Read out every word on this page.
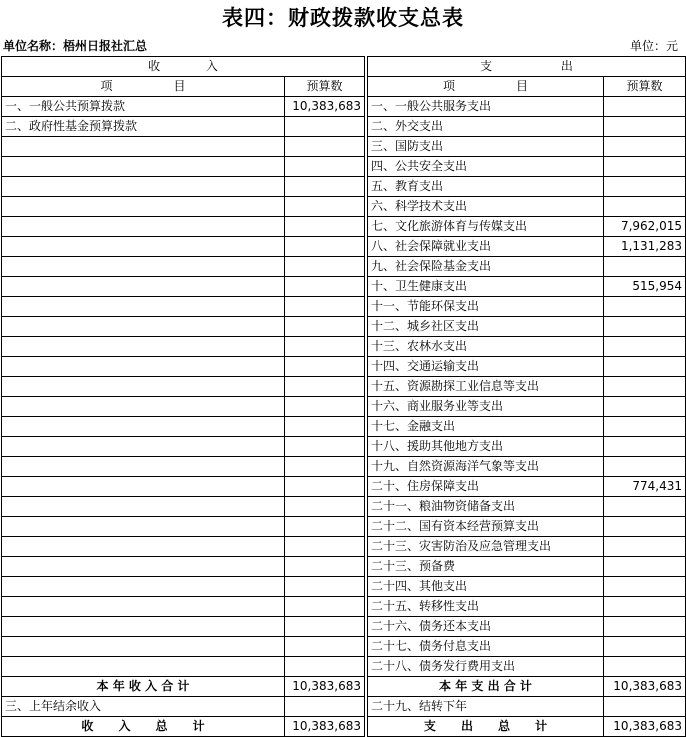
表四：财政拨款收支总表
单位名称：梧州日报社汇总	单位：元
收            入			支                  出	
项                目	预算数		项                目	预算数
一、一般公共预算拨款	10,383,683		一、一般公共服务支出	
二、政府性基金预算拨款			二、外交支出	
			三、国防支出	
			四、公共安全支出	
			五、教育支出	
			六、科学技术支出	
			七、文化旅游体育与传媒支出	7,962,015
			八、社会保障就业支出	1,131,283
			九、社会保险基金支出	
			十、卫生健康支出	515,954
			十一、节能环保支出	
			十二、城乡社区支出	
			十三、农林水支出	
			十四、交通运输支出	
			十五、资源勘探工业信息等支出	
			十六、商业服务业等支出	
			十七、金融支出	
			十八、援助其他地方支出	
			十九、自然资源海洋气象等支出	
			二十、住房保障支出	774,431
			二十一、粮油物资储备支出	
			二十二、国有资本经营预算支出	
			二十三、灾害防治及应急管理支出	
			二十三、预备费	
			二十四、其他支出	
			二十五、转移性支出	
			二十六、债务还本支出	
			二十七、债务付息支出	
			二十八、债务发行费用支出	
本 年 收 入 合 计	10,383,683		本 年 支 出 合 计	10,383,683
三、上年结余收入			二十九、结转下年	
收      入      总      计	10,383,683		支      出      总      计	10,383,683
